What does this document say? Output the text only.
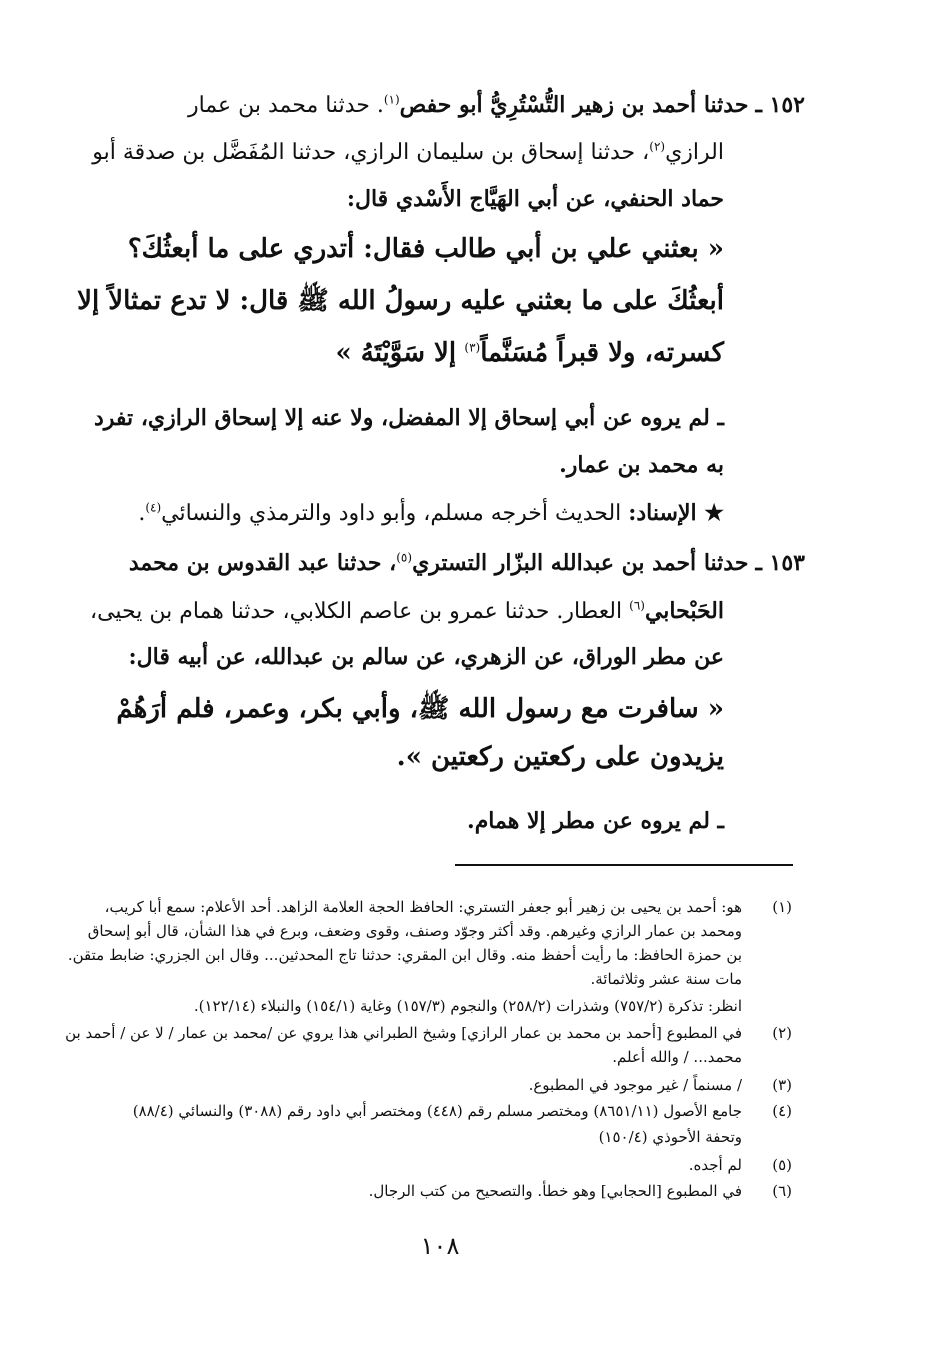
١٥٢ ـ حدثنا أحمد بن زهير التُّسْتُرِيُّ أبو حفص$^{(١)}$. حدثنا محمد بن عمار
الرازي$^{(٢)}$، حدثنا إسحاق بن سليمان الرازي، حدثنا المُفَضَّل بن صدقة أبو
حماد الحنفي، عن أبي الهَيَّاج الأَسْدي قال:
« بعثني علي بن أبي طالب فقال: أتدري على ما أبعثُكَ؟
أبعثُكَ على ما بعثني عليه رسولُ الله ﷺ قال: لا تدع تمثالاً إلا
كسرته، ولا قبراً مُسَنَّماً$^{(٣)}$ إلا سَوَّيْتَهُ »
ـ لم يروه عن أبي إسحاق إلا المفضل، ولا عنه إلا إسحاق الرازي، تفرد
به محمد بن عمار.
★ الإسناد: الحديث أخرجه مسلم، وأبو داود والترمذي والنسائي$^{(٤)}$.
١٥٣ ـ حدثنا أحمد بن عبدالله البزّار التستري$^{(٥)}$، حدثنا عبد القدوس بن محمد
الحَبْحابي$^{(٦)}$ العطار. حدثنا عمرو بن عاصم الكلابي، حدثنا همام بن يحيى،
عن مطر الوراق، عن الزهري، عن سالم بن عبدالله، عن أبيه قال:
« سافرت مع رسول الله ﷺ، وأبي بكر، وعمر، فلم أرَهُمْ
يزيدون على ركعتين ركعتين ».
ـ لم يروه عن مطر إلا همام.
(١)
هو: أحمد بن يحيى بن زهير أبو جعفر التستري: الحافظ الحجة العلامة الزاهد. أحد الأعلام: سمع أبا كريب،
ومحمد بن عمار الرازي وغيرهم. وقد أكثر وجوّد وصنف، وقوى وضعف، وبرع في هذا الشأن، قال أبو إسحاق
بن حمزة الحافظ: ما رأيت أحفظ منه. وقال ابن المقري: حدثنا تاج المحدثين... وقال ابن الجزري: ضابط متقن.
مات سنة عشر وثلاثمائة.
انظر: تذكرة (٧٥٧/٢) وشذرات (٢٥٨/٢) والنجوم (١٥٧/٣) وغاية (١٥٤/١) والنبلاء (١٢٢/١٤).
(٢)
في المطبوع [أحمد بن محمد بن عمار الرازي] وشيخ الطبراني هذا يروي عن /محمد بن عمار / لا عن / أحمد بن
محمد... / والله أعلم.
(٣)
/ مسنماً / غير موجود في المطبوع.
(٤)
جامع الأصول (٨٦٥١/١١) ومختصر مسلم رقم (٤٤٨) ومختصر أبي داود رقم (٣٠٨٨) والنسائي (٨٨/٤)
وتحفة الأحوذي (١٥٠/٤)
(٥)
لم أجده.
(٦)
في المطبوع [الحجابي] وهو خطأ. والتصحيح من كتب الرجال.
١٠٨
